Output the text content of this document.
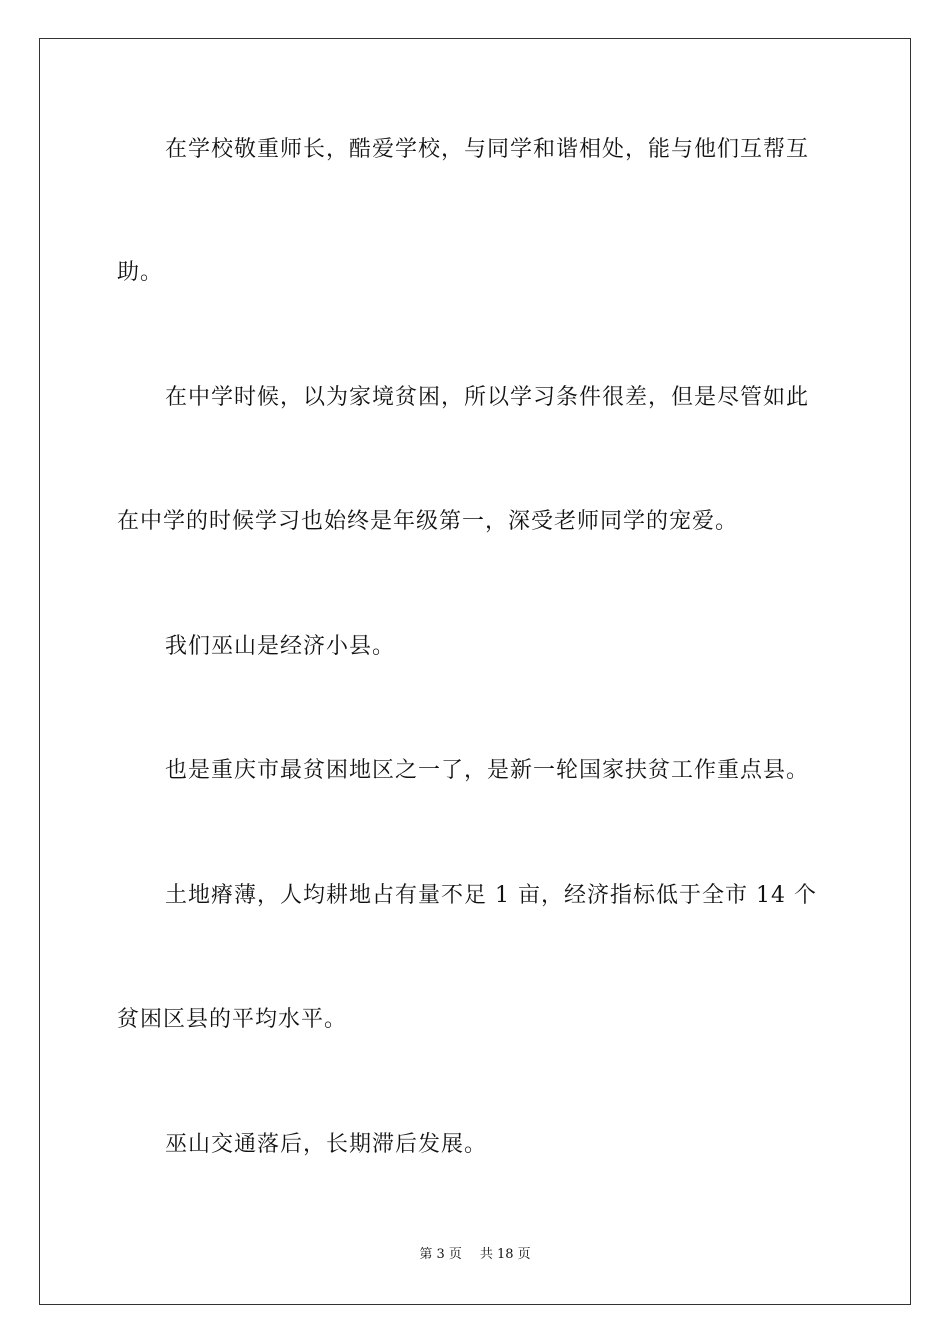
在学校敬重师长，酷爱学校，与同学和谐相处，能与他们互帮互
助。
在中学时候，以为家境贫困，所以学习条件很差，但是尽管如此
在中学的时候学习也始终是年级第一，深受老师同学的宠爱。
我们巫山是经济小县。
也是重庆市最贫困地区之一了，是新一轮国家扶贫工作重点县。
土地瘠薄，人均耕地占有量不足 1 亩，经济指标低于全市 14 个
贫困区县的平均水平。
巫山交通落后，长期滞后发展。
第 3 页 共 18 页
